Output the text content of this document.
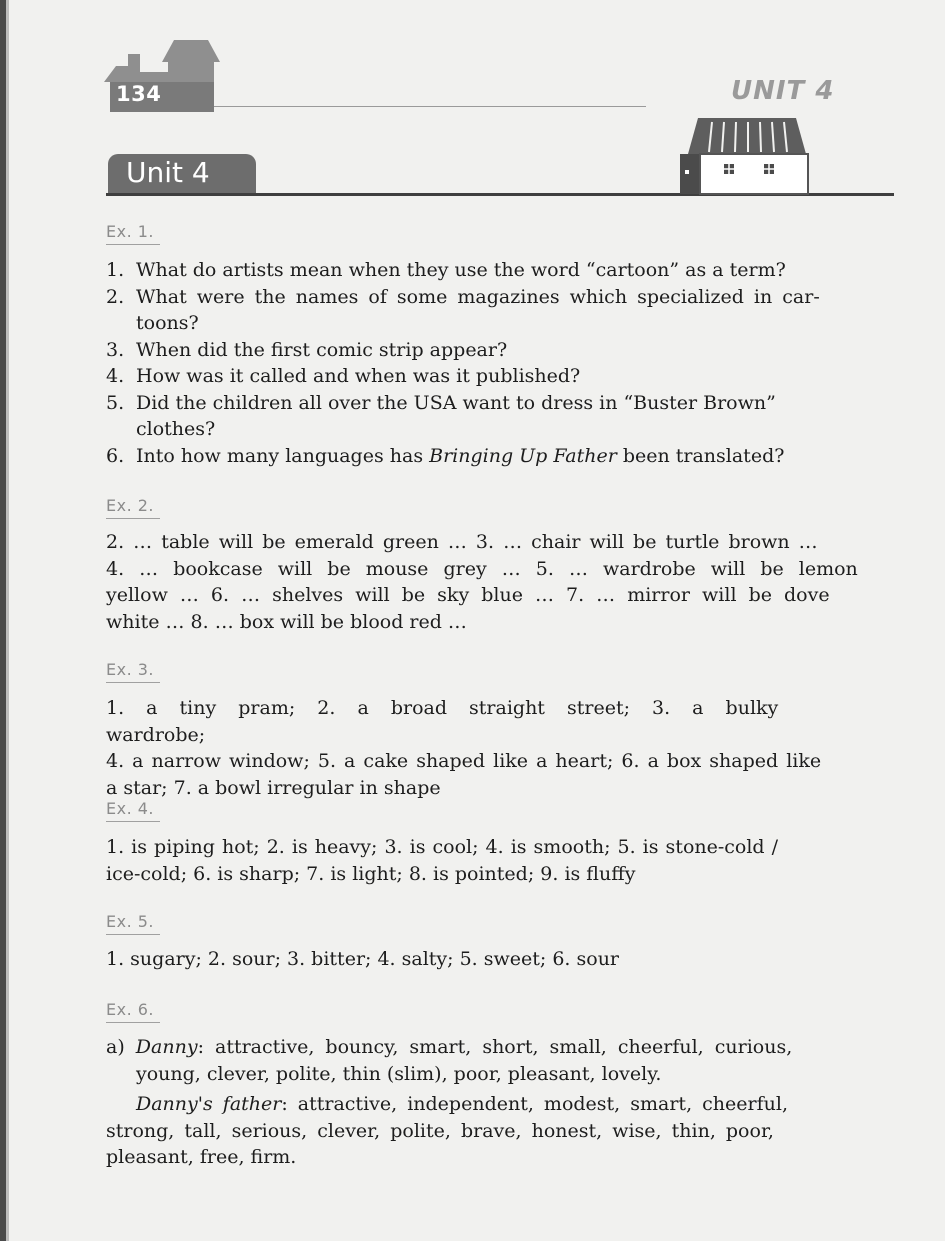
134	UNIT 4
Unit 4
Ex. 1.
1. What do artists mean when they use the word “cartoon” as a term?
2. What were the names of some magazines which specialized in car-
toons?
3. When did the first comic strip appear?
4. How was it called and when was it published?
5. Did the children all over the USA want to dress in “Buster Brown”
clothes?
6. Into how many languages has Bringing Up Father been translated?
Ex. 2.
2. … table will be emerald green … 3. … chair will be turtle brown …
4. … bookcase will be mouse grey … 5. … wardrobe will be lemon
yellow … 6. … shelves will be sky blue … 7. … mirror will be dove
white … 8. … box will be blood red …
Ex. 3.
1. a tiny pram; 2. a broad straight street; 3. a bulky wardrobe;
4. a narrow window; 5. a cake shaped like a heart; 6. a box shaped like
a star; 7. a bowl irregular in shape
Ex. 4.
1. is piping hot; 2. is heavy; 3. is cool; 4. is smooth; 5. is stone-cold /
ice-cold; 6. is sharp; 7. is light; 8. is pointed; 9. is fluffy
Ex. 5.
1. sugary; 2. sour; 3. bitter; 4. salty; 5. sweet; 6. sour
Ex. 6.
a) Danny: attractive, bouncy, smart, short, small, cheerful, curious,
young, clever, polite, thin (slim), poor, pleasant, lovely.
Danny's father: attractive, independent, modest, smart, cheerful,
strong, tall, serious, clever, polite, brave, honest, wise, thin, poor,
pleasant, free, firm.
